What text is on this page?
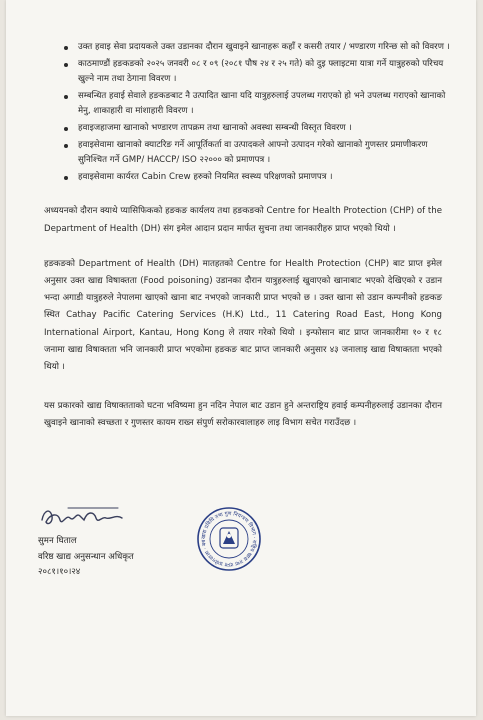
उक्त हवाइ सेवा प्रदायकले उक्त उडानका दौरान खुवाइने खानाहरू कहाँ र कसरी तयार / भण्डारण गरिन्छ सो को विवरण ।
काठमाण्डौं हङकङको २०२५ जनवरी ०८ र ०९ (२०८१ पौष २४ र २५ गते) को दुइ फ्लाइटमा यात्रा गर्ने यात्रुहरुको परिचय खुल्ने नाम तथा ठेगाना विवरण ।
सम्बन्धित हवाई सेवाले हङकङबाट नै उत्पादित खाना यदि यात्रुहरुलाई उपलब्ध गराएको हो भने उपलब्ध गराएको खानाको मेनु, शाकाहारी वा मांशाहारी विवरण ।
हवाइजहाजमा खानाको भण्डारण तापक्रम तथा खानाको अवस्था सम्बन्धी विस्तृत विवरण ।
हवाइसेवामा खानाको क्याटरिङ गर्ने आपूर्तिकर्ता वा उत्पादकले आफ्नो उत्पादन गरेको खानाको गुणस्तर प्रमाणीकरण सुनिश्चित गर्ने GMP/ HACCP/ ISO २२००० को प्रमाणपत्र ।
हवाइसेवामा कार्यरत Cabin Crew हरुको नियमित स्वस्थ्य परिक्षणको प्रमाणपत्र ।

अध्ययनको दौरान क्याथे प्यासिफिकको हङकङ कार्यलय तथा हङकङको Centre for Health Protection (CHP) of the Department of Health (DH) संग इमेल आदान प्रदान मार्फत सुचना तथा जानकारीहरु प्राप्त भएको थियो ।

हङकङको Department of Health (DH) मातहतको Centre for Health Protection (CHP) बाट प्राप्त इमेल अनुसार उक्त खाद्य विषाक्तता (Food poisoning) उडानका दौरान यात्रुहरुलाई खुवाएको खानाबाट भएको देखिएको र उडान भन्दा अगाडी यात्रुहरुले नेपालमा खाएको खाना बाट नभएको जानकारी प्राप्त भएको छ । उक्त खाना सो उडान कम्पनीको हङकङ स्थित Cathay Pacific Catering Services (H.K) Ltd., 11 Catering Road East, Hong Kong International Airport, Kantau, Hong Kong ले तयार गरेको थियो । इन्फोसान बाट प्राप्त जानकारीमा १० र १८ जनामा खाद्य विषाक्तता भनि जानकारी प्राप्त भएकोमा हङकङ बाट प्राप्त जानकारी अनुसार ४३ जनालाइ खाद्य विषाक्तता भएको थियो ।

यस प्रकारको खाद्य विषाक्तताको घटना भविष्यमा हुन नदिन नेपाल बाट उडान हुने अन्तराष्ट्रिय हवाई कम्पनीहरुलाई उडानका दौरान खुवाइने खानाको स्वच्छता र गुणस्तर कायम राख्न संपुर्ण सरोकारवालाहरु लाइ विभाग सचेत गराउँदछ ।

सुमन घिताल
वरिष्ठ खाद्य अनुसन्धान अधिकृत
२०८१।१०।२४
खाद्य प्रविधि तथा गुण नियन्त्रण विभाग · राष्ट्रिय खाद्य तथा दाना प्रयोगशाला · बब
